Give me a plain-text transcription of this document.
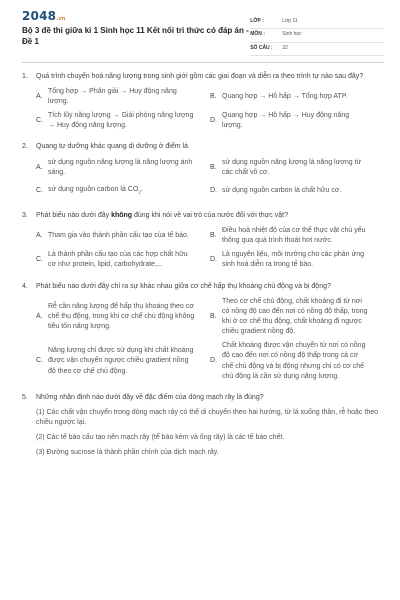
2048.vn
Bộ 3 đề thi giữa kì 1 Sinh học 11 Kết nối tri thức có đáp án - Đề 1
LỚP :	Lớp 11
MÔN :	Sinh học
SỐ CÂU :	32
1.	Quá trình chuyển hoá năng lượng trong sinh giới gồm các giai đoạn và diễn ra theo trình tự nào sau đây?
A.
Tổng hợp → Phân giải → Huy động năng lượng.
B. Quang hợp → Hô hấp → Tổng hợp ATP.
C.
Tích lũy năng lượng → Giải phóng năng lượng → Huy động năng lượng.
D.
Quang hợp → Hô hấp → Huy động năng lượng.
2.	Quang tự dưỡng khác quang dị dưỡng ở điểm là
A.
sử dụng nguồn năng lượng là năng lượng ánh sáng.
B.
sử dụng nguồn năng lượng là năng lượng từ các chất vô cơ.
C. sử dụng nguồn carbon là $CO_2$.	D. sử dụng nguồn carbon là chất hữu cơ.
3.	Phát biểu nào dưới đây không đúng khi nói về vai trò của nước đối với thực vật?
A. Tham gia vào thành phần cấu tạo của tế bào.	B.
Điều hoà nhiệt độ của cơ thể thực vật chủ yếu thông qua quá trình thoát hơi nước.
C.
Là thành phần cấu tạo của các hợp chất hữu cơ như protein, lipid, carbohydrate,...
D.
Là nguyên liệu, môi trường cho các phản ứng sinh hoá diễn ra trong tế bào.
4.	Phát biểu nào dưới đây chỉ ra sự khác nhau giữa cơ chế hấp thụ khoáng chủ động và bị động?
A.
Rễ cần năng lượng để hấp thụ khoáng theo cơ chế thụ động, trong khi cơ chế chủ động không tiêu tốn năng lượng.
B.
Theo cơ chế chủ động, chất khoáng đi từ nơi có nồng độ cao đến nơi có nồng độ thấp, trong khi ở cơ chế thụ động, chất khoáng đi ngược chiều gradient nồng độ.
C.
Năng lượng chỉ được sử dụng khi chất khoáng được vận chuyển ngược chiều gradient nồng độ theo cơ chế chủ động.
D.
Chất khoáng được vận chuyển từ nơi có nồng độ cao đến nơi có nồng độ thấp trong cả cơ chế chủ động và bị động nhưng chỉ có cơ chế chủ động là cần sử dụng năng lượng.
5.	Những nhận định nào dưới đây về đặc điểm của dòng mạch rây là đúng?
(1) Các chất vận chuyển trong dòng mạch rây có thể di chuyển theo hai hướng, từ lá xuống thân, rễ hoặc theo chiều ngược lại.
(2) Các tế bào cấu tạo nên mạch rây (tế bào kèm và ống rây) là các tế bào chết.
(3) Đường sucrose là thành phần chính của dịch mạch rây.
